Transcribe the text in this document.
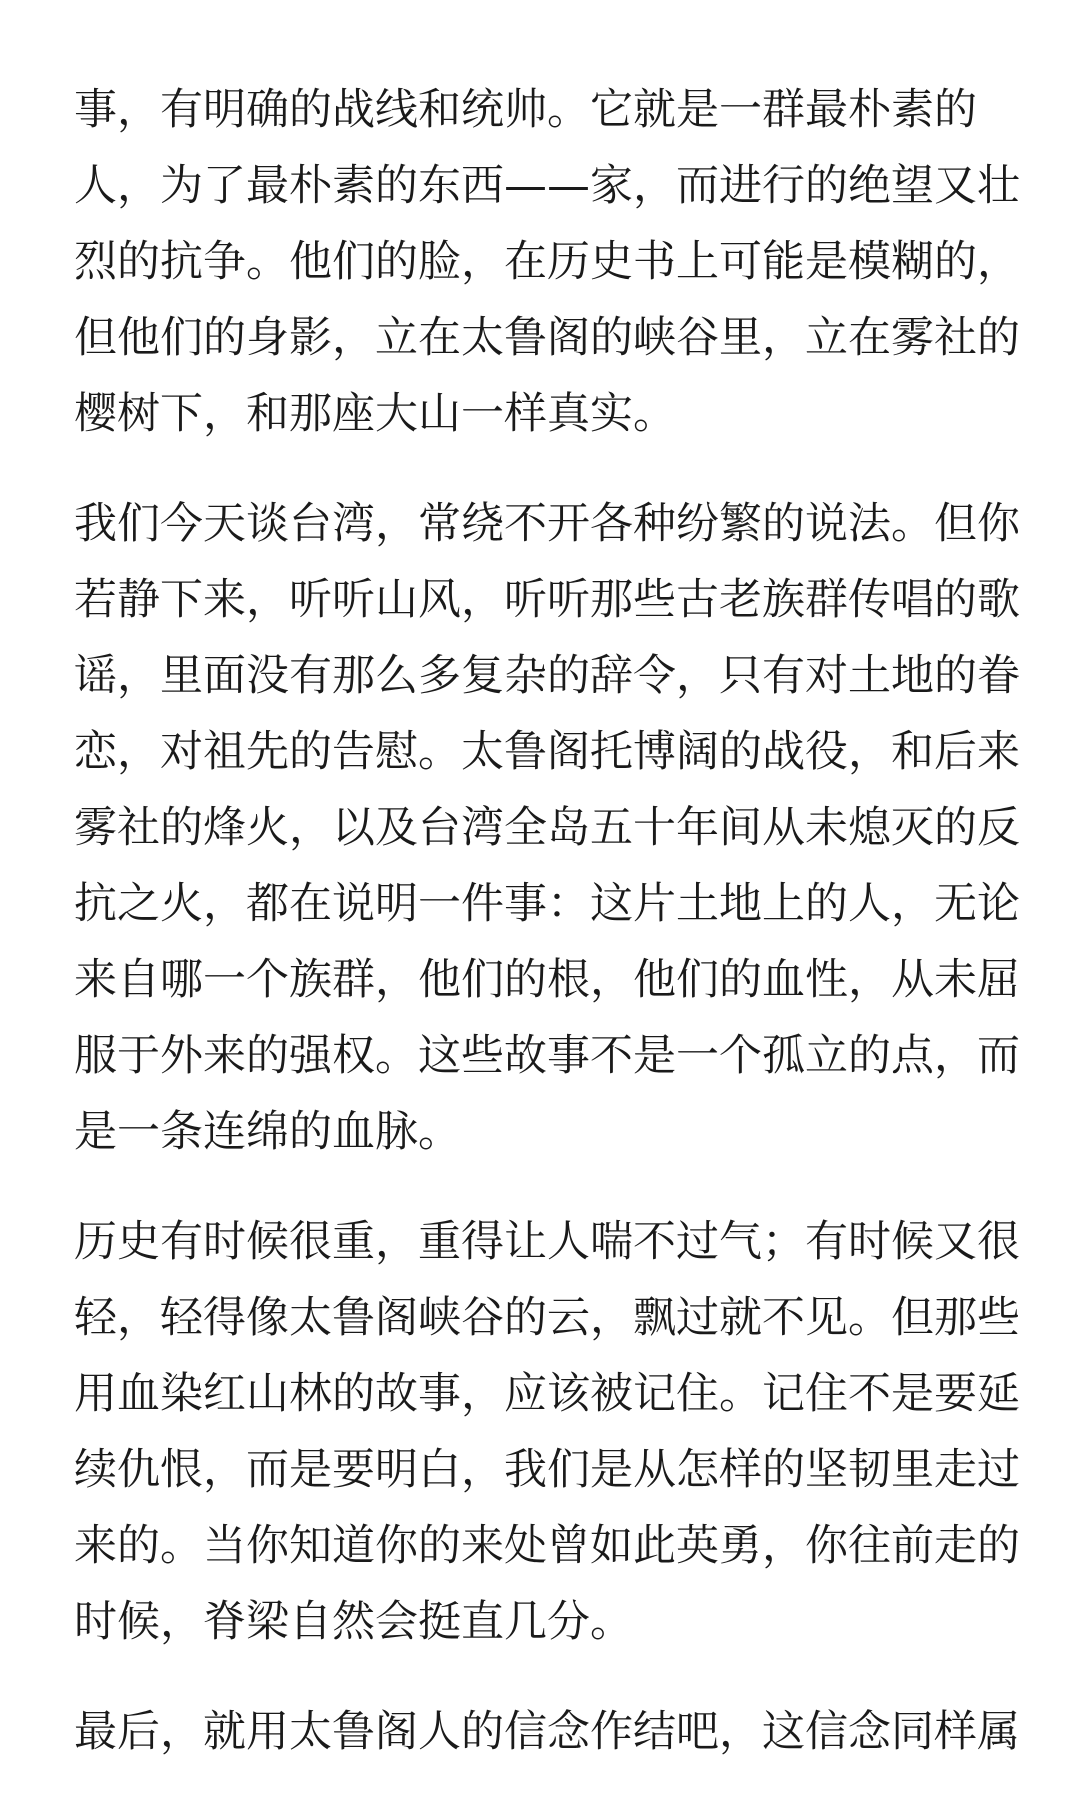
事，有明确的战线和统帅。它就是一群最朴素的人，为了最朴素的东西——家，而进行的绝望又壮烈的抗争。他们的脸，在历史书上可能是模糊的，但他们的身影，立在太鲁阁的峡谷里，立在雾社的樱树下，和那座大山一样真实。

我们今天谈台湾，常绕不开各种纷繁的说法。但你若静下来，听听山风，听听那些古老族群传唱的歌谣，里面没有那么多复杂的辞令，只有对土地的眷恋，对祖先的告慰。太鲁阁托博阔的战役，和后来雾社的烽火，以及台湾全岛五十年间从未熄灭的反抗之火，都在说明一件事：这片土地上的人，无论来自哪一个族群，他们的根，他们的血性，从未屈服于外来的强权。这些故事不是一个孤立的点，而是一条连绵的血脉。

历史有时候很重，重得让人喘不过气；有时候又很轻，轻得像太鲁阁峡谷的云，飘过就不见。但那些用血染红山林的故事，应该被记住。记住不是要延续仇恨，而是要明白，我们是从怎样的坚韧里走过来的。当你知道你的来处曾如此英勇，你往前走的时候，脊梁自然会挺直几分。

最后，就用太鲁阁人的信念作结吧，这信念同样属
